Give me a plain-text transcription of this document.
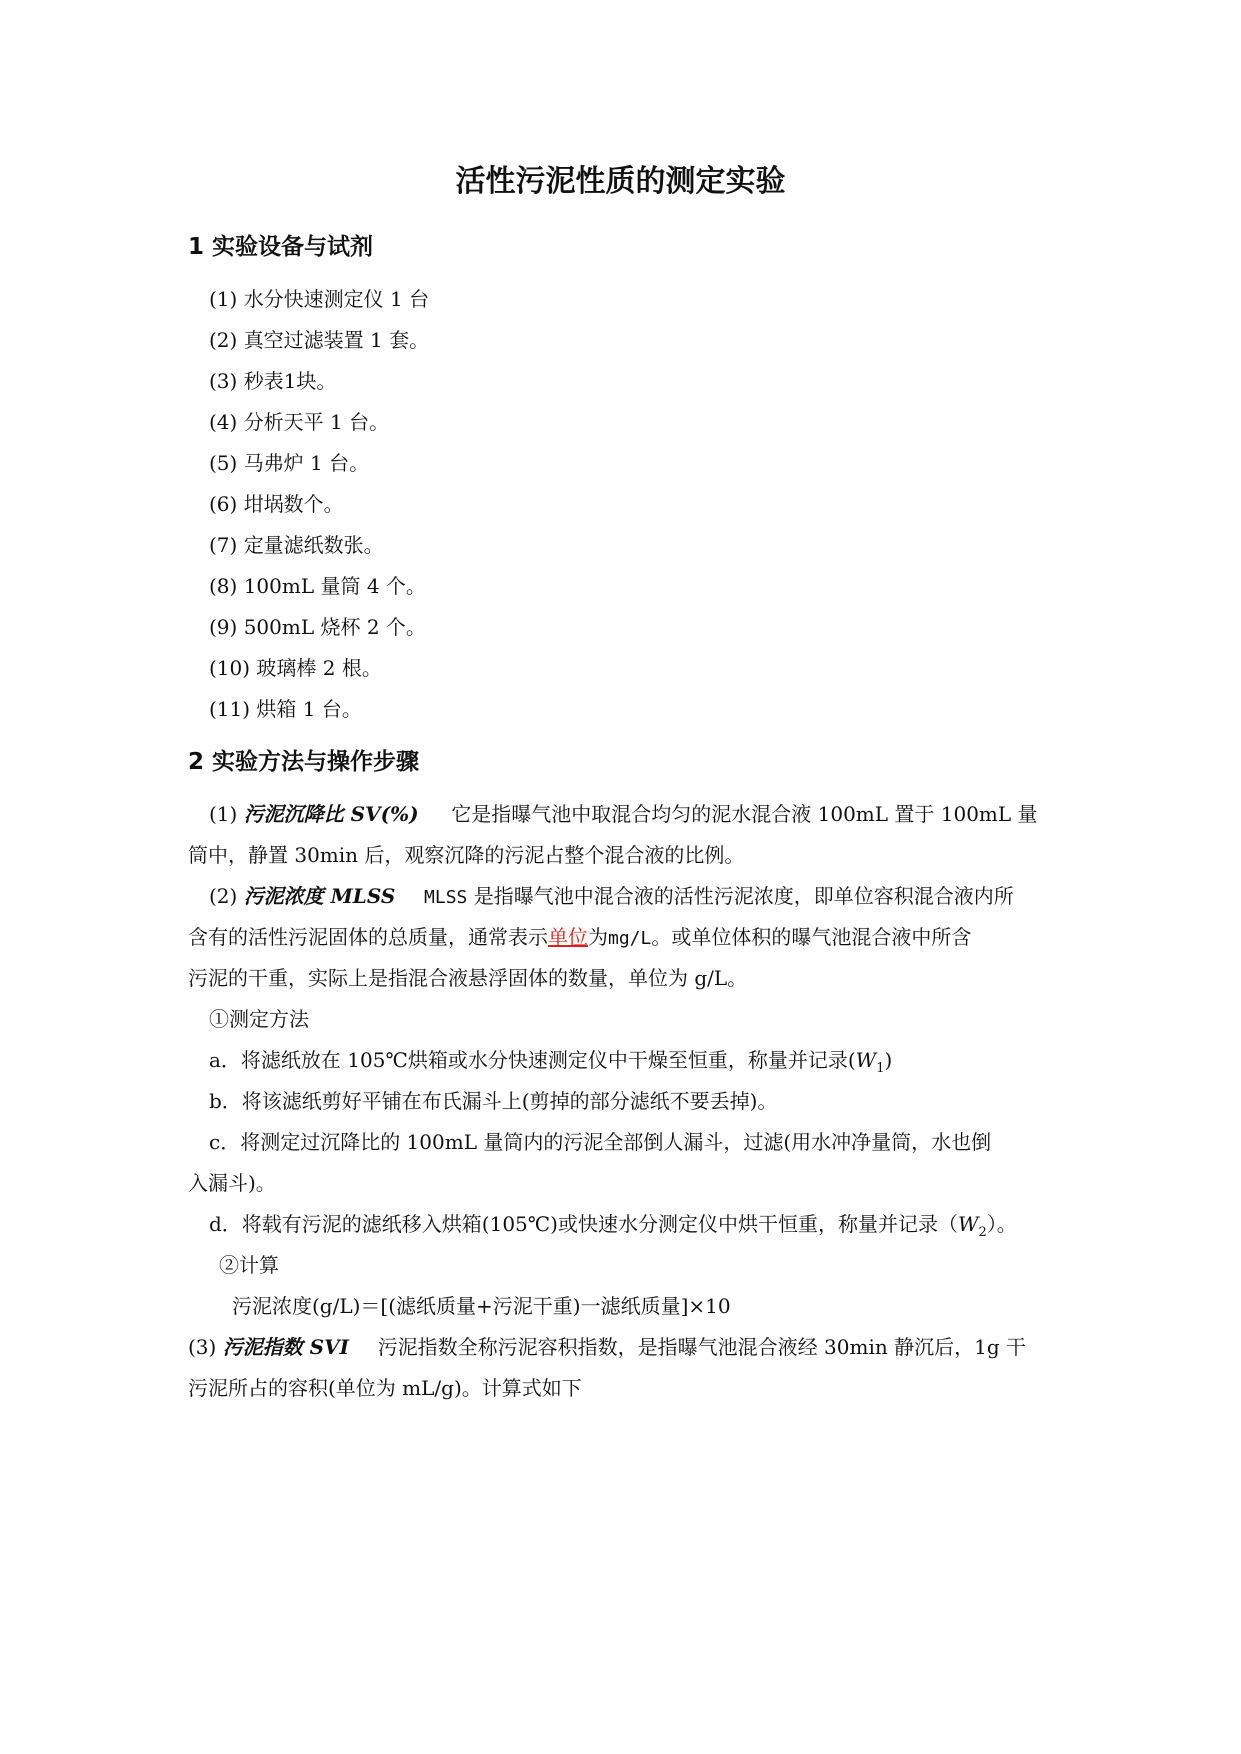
活性污泥性质的测定实验
1 实验设备与试剂
(1) 水分快速测定仪 1 台
(2) 真空过滤装置 1 套。
(3) 秒表1块。
(4) 分析天平 1 台。
(5) 马弗炉 1 台。
(6) 坩埚数个。
(7) 定量滤纸数张。
(8) 100mL 量筒 4 个。
(9) 500mL 烧杯 2 个。
(10) 玻璃棒 2 根。
(11) 烘箱 1 台。
2 实验方法与操作步骤
(1) 污泥沉降比 SV(%) 它是指曝气池中取混合均匀的泥水混合液 100mL 置于 100mL 量
筒中，静置 30min 后，观察沉降的污泥占整个混合液的比例。
(2) 污泥浓度 MLSS MLSS 是指曝气池中混合液的活性污泥浓度，即单位容积混合液内所
含有的活性污泥固体的总质量，通常表示单位为mg/L。或单位体积的曝气池混合液中所含
污泥的干重，实际上是指混合液悬浮固体的数量，单位为 g/L。
①测定方法
a．将滤纸放在 105℃烘箱或水分快速测定仪中干燥至恒重，称量并记录$(W_1)$
b．将该滤纸剪好平铺在布氏漏斗上(剪掉的部分滤纸不要丢掉)。
c．将测定过沉降比的 100mL 量筒内的污泥全部倒人漏斗，过滤(用水冲净量筒，水也倒
入漏斗)。
d．将载有污泥的滤纸移入烘箱(105℃)或快速水分测定仪中烘干恒重，称量并记录$(W_2)$。
②计算
污泥浓度(g/L)＝[(滤纸质量+污泥干重)一滤纸质量]×10
(3) 污泥指数 SVI 污泥指数全称污泥容积指数，是指曝气池混合液经 30min 静沉后，1g 干
污泥所占的容积(单位为 mL/g)。计算式如下
